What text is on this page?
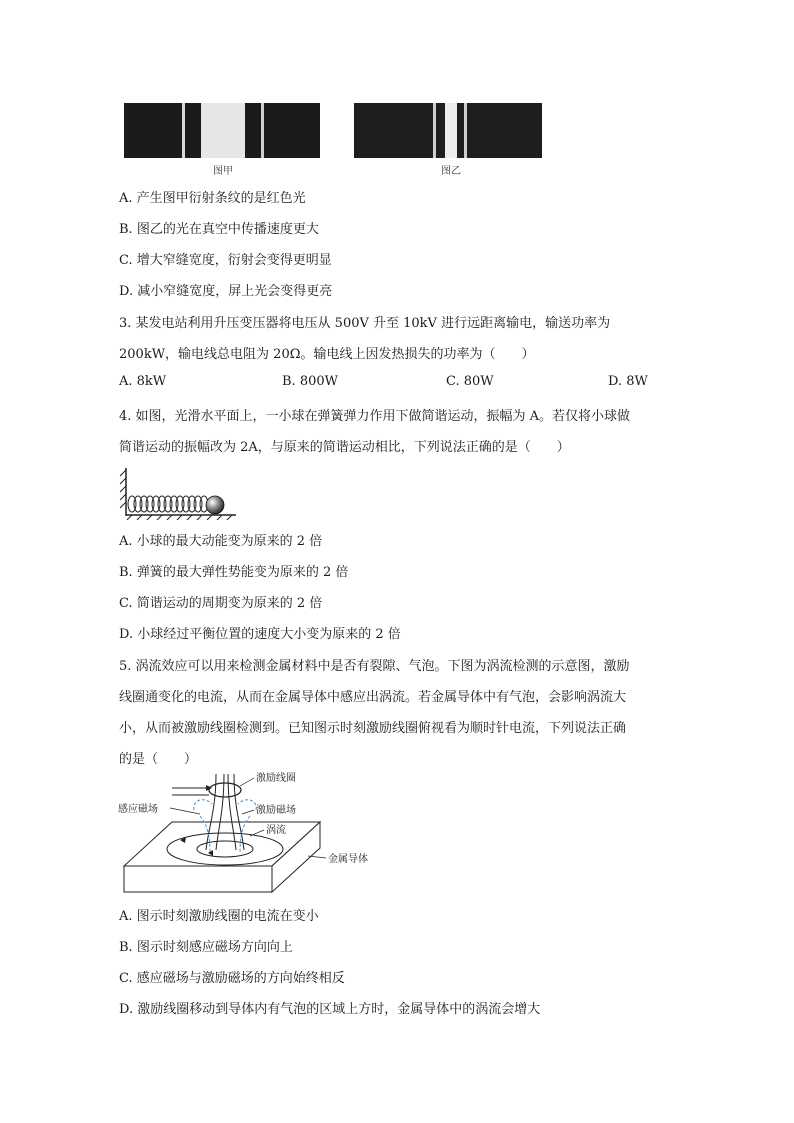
图甲	图乙
A. 产生图甲衍射条纹的是红色光
B. 图乙的光在真空中传播速度更大
C. 增大窄缝宽度，衍射会变得更明显
D. 减小窄缝宽度，屏上光会变得更亮
3. 某发电站利用升压变压器将电压从 500V 升至 10kV 进行远距离输电，输送功率为
200kW，输电线总电阻为 20Ω。输电线上因发热损失的功率为（　　）
A. 8kW	B. 800W	C. 80W	D. 8W
4. 如图，光滑水平面上，一小球在弹簧弹力作用下做简谐运动，振幅为 A。若仅将小球做
简谐运动的振幅改为 2A，与原来的简谐运动相比，下列说法正确的是（　　）
A. 小球的最大动能变为原来的 2 倍
B. 弹簧的最大弹性势能变为原来的 2 倍
C. 简谐运动的周期变为原来的 2 倍
D. 小球经过平衡位置的速度大小变为原来的 2 倍
5. 涡流效应可以用来检测金属材料中是否有裂隙、气泡。下图为涡流检测的示意图，激励
线圈通变化的电流，从而在金属导体中感应出涡流。若金属导体中有气泡，会影响涡流大
小，从而被激励线圈检测到。已知图示时刻激励线圈俯视看为顺时针电流，下列说法正确
的是（　　）
激励线圈
感应磁场	激励磁场
涡流
金属导体
A. 图示时刻激励线圈的电流在变小
B. 图示时刻感应磁场方向向上
C. 感应磁场与激励磁场的方向始终相反
D. 激励线圈移动到导体内有气泡的区域上方时，金属导体中的涡流会增大
